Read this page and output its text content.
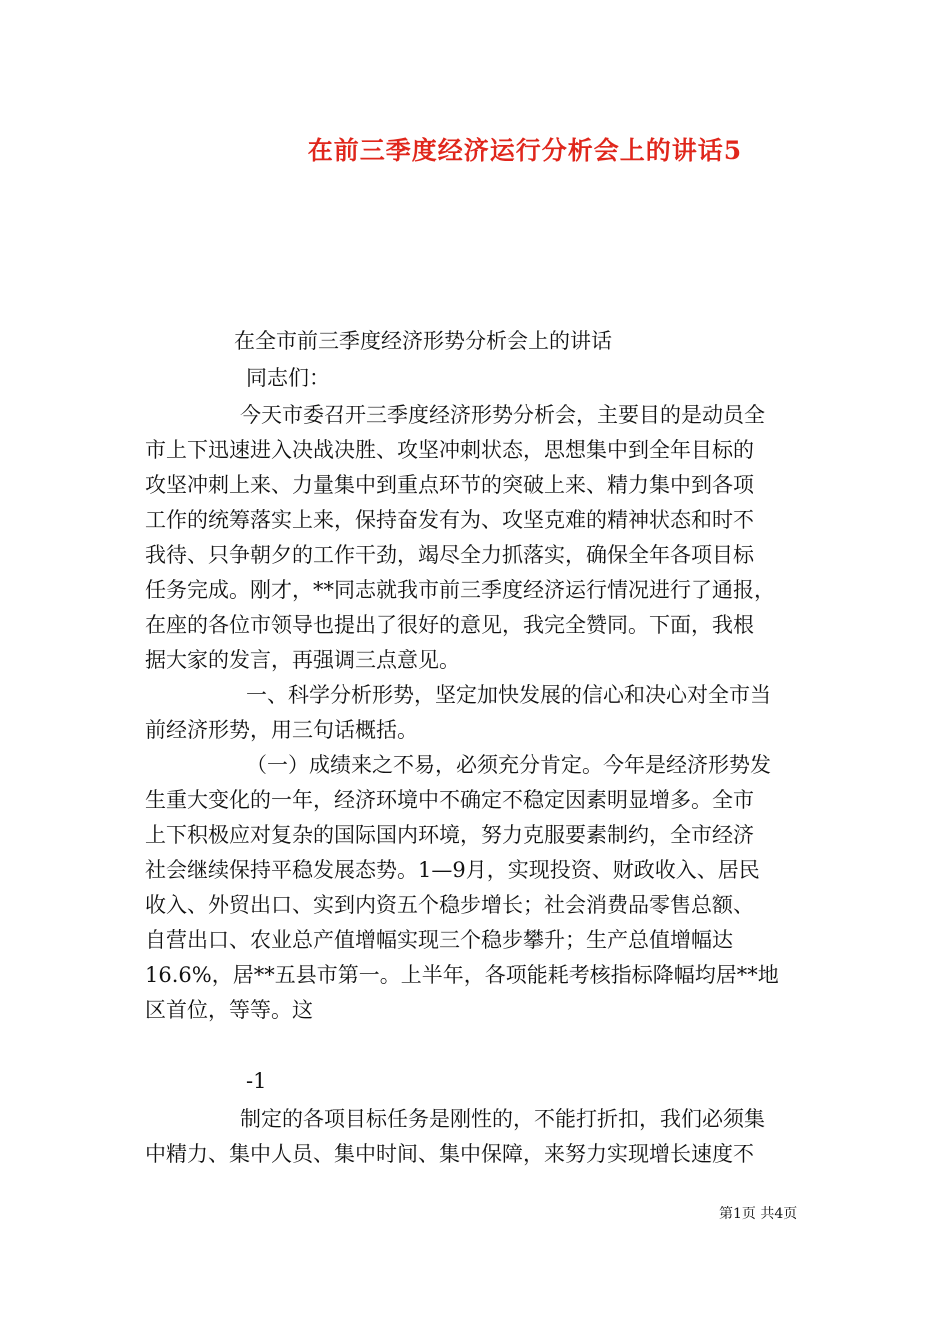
在前三季度经济运行分析会上的讲话5
在全市前三季度经济形势分析会上的讲话
同志们：
今天市委召开三季度经济形势分析会，主要目的是动员全
市上下迅速进入决战决胜、攻坚冲刺状态，思想集中到全年目标的
攻坚冲刺上来、力量集中到重点环节的突破上来、精力集中到各项
工作的统筹落实上来，保持奋发有为、攻坚克难的精神状态和时不
我待、只争朝夕的工作干劲，竭尽全力抓落实，确保全年各项目标
任务完成。刚才，**同志就我市前三季度经济运行情况进行了通报，
在座的各位市领导也提出了很好的意见，我完全赞同。下面，我根
据大家的发言，再强调三点意见。
一、科学分析形势，坚定加快发展的信心和决心对全市当
前经济形势，用三句话概括。
（一）成绩来之不易，必须充分肯定。今年是经济形势发
生重大变化的一年，经济环境中不确定不稳定因素明显增多。全市
上下积极应对复杂的国际国内环境，努力克服要素制约，全市经济
社会继续保持平稳发展态势。1—9月，实现投资、财政收入、居民
收入、外贸出口、实到内资五个稳步增长；社会消费品零售总额、
自营出口、农业总产值增幅实现三个稳步攀升；生产总值增幅达
16.6%，居**五县市第一。上半年，各项能耗考核指标降幅均居**地
区首位，等等。这
-1
制定的各项目标任务是刚性的，不能打折扣，我们必须集
中精力、集中人员、集中时间、集中保障，来努力实现增长速度不
第1页 共4页
